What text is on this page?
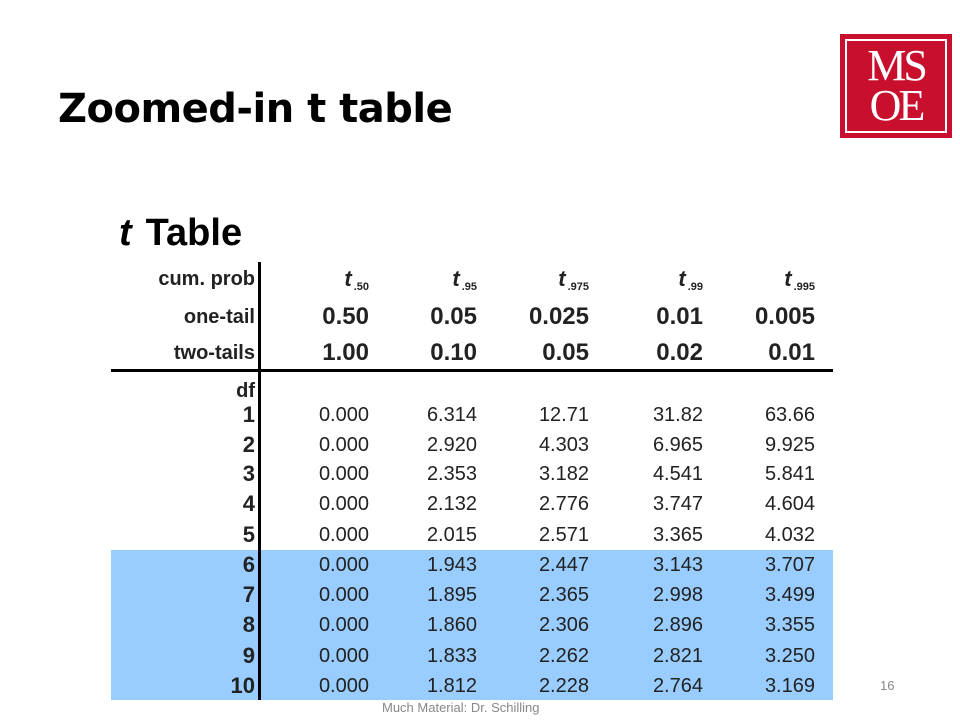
Zoomed-in t table
MS
OE
t Table
cum. prob	t .50	t .95	t .975	t .99	t .995
one-tail	0.50	0.05	0.025	0.01	0.005
two-tails	1.00	0.10	0.05	0.02	0.01
df
1	0.000	6.314	12.71	31.82	63.66
2	0.000	2.920	4.303	6.965	9.925
3	0.000	2.353	3.182	4.541	5.841
4	0.000	2.132	2.776	3.747	4.604
5	0.000	2.015	2.571	3.365	4.032
6	0.000	1.943	2.447	3.143	3.707
7	0.000	1.895	2.365	2.998	3.499
8	0.000	1.860	2.306	2.896	3.355
9	0.000	1.833	2.262	2.821	3.250
10	0.000	1.812	2.228	2.764	3.169
Much Material: Dr. Schilling
16
